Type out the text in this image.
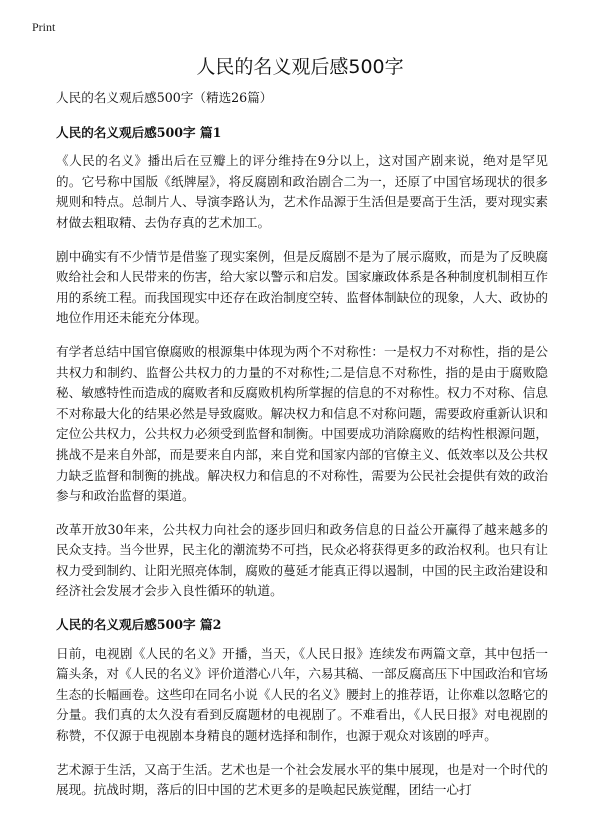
Print
人民的名义观后感500字

人民的名义观后感500字（精选26篇）

人民的名义观后感500字 篇1

《人民的名义》播出后在豆瓣上的评分维持在9分以上，这对国产剧来说，绝对是罕见的。它号称中国版《纸牌屋》，将反腐剧和政治剧合二为一，还原了中国官场现状的很多规则和特点。总制片人、导演李路认为，艺术作品源于生活但是要高于生活，要对现实素材做去粗取精、去伪存真的艺术加工。

剧中确实有不少情节是借鉴了现实案例，但是反腐剧不是为了展示腐败，而是为了反映腐败给社会和人民带来的伤害，给大家以警示和启发。国家廉政体系是各种制度机制相互作用的系统工程。而我国现实中还存在政治制度空转、监督体制缺位的现象，人大、政协的地位作用还未能充分体现。

有学者总结中国官僚腐败的根源集中体现为两个不对称性：一是权力不对称性，指的是公共权力和制约、监督公共权力的力量的不对称性;二是信息不对称性，指的是由于腐败隐秘、敏感特性而造成的腐败者和反腐败机构所掌握的信息的不对称性。权力不对称、信息不对称最大化的结果必然是导致腐败。解决权力和信息不对称问题，需要政府重新认识和定位公共权力，公共权力必须受到监督和制衡。中国要成功消除腐败的结构性根源问题，挑战不是来自外部，而是要来自内部，来自党和国家内部的官僚主义、低效率以及公共权力缺乏监督和制衡的挑战。解决权力和信息的不对称性，需要为公民社会提供有效的政治参与和政治监督的渠道。

改革开放30年来，公共权力向社会的逐步回归和政务信息的日益公开赢得了越来越多的民众支持。当今世界，民主化的潮流势不可挡，民众必将获得更多的政治权利。也只有让权力受到制约、让阳光照亮体制，腐败的蔓延才能真正得以遏制，中国的民主政治建设和经济社会发展才会步入良性循环的轨道。

人民的名义观后感500字 篇2

日前，电视剧《人民的名义》开播，当天，《人民日报》连续发布两篇文章，其中包括一篇头条，对《人民的名义》评价道潜心八年，六易其稿、一部反腐高压下中国政治和官场生态的长幅画卷。这些印在同名小说《人民的名义》腰封上的推荐语，让你难以忽略它的分量。我们真的太久没有看到反腐题材的电视剧了。不难看出，《人民日报》对电视剧的称赞，不仅源于电视剧本身精良的题材选择和制作，也源于观众对该剧的呼声。

艺术源于生活，又高于生活。艺术也是一个社会发展水平的集中展现，也是对一个时代的展现。抗战时期，落后的旧中国的艺术更多的是唤起民族觉醒，团结一心打
